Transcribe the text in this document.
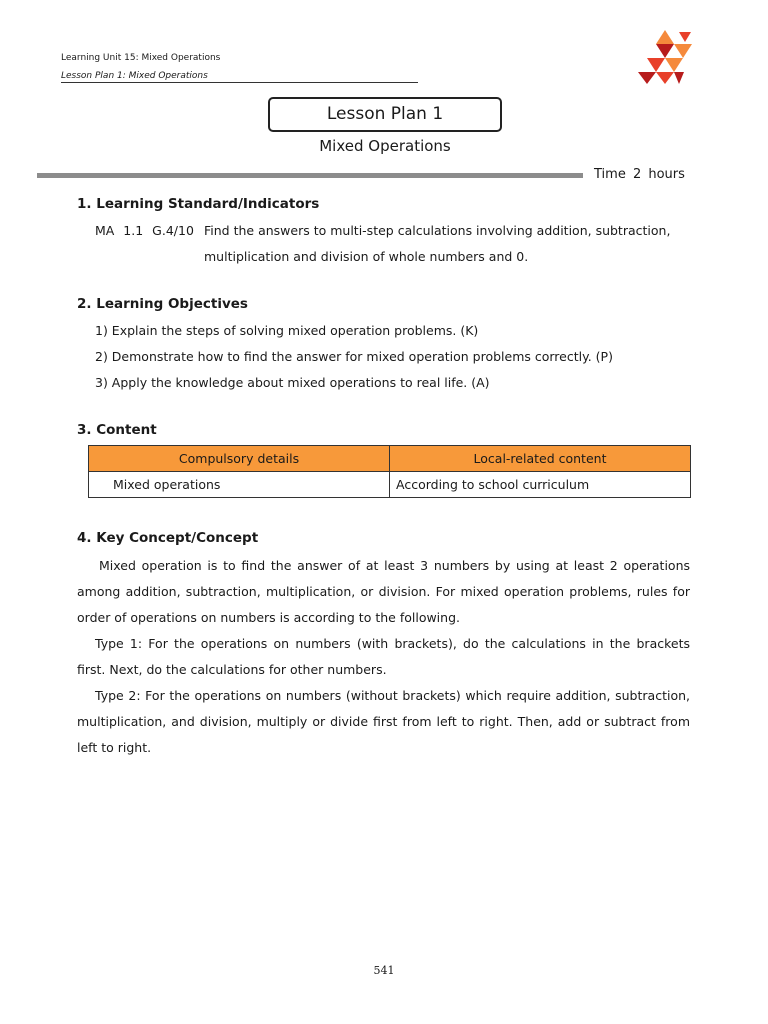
Learning Unit 15: Mixed Operations
Lesson Plan 1: Mixed Operations
Lesson Plan 1
Mixed Operations
Time 2 hours
1. Learning Standard/Indicators
MA 1.1 G.4/10 Find the answers to multi-step calculations involving addition, subtraction,
multiplication and division of whole numbers and 0.
2. Learning Objectives
1) Explain the steps of solving mixed operation problems. (K)
2) Demonstrate how to find the answer for mixed operation problems correctly. (P)
3) Apply the knowledge about mixed operations to real life. (A)
3. Content
Compulsory details	Local-related content
Mixed operations	According to school curriculum
4. Key Concept/Concept
Mixed operation is to find the answer of at least 3 numbers by using at least 2 operations among addition, subtraction, multiplication, or division. For mixed operation problems, rules for order of operations on numbers is according to the following.
Type 1: For the operations on numbers (with brackets), do the calculations in the brackets first. Next, do the calculations for other numbers.
Type 2: For the operations on numbers (without brackets) which require addition, subtraction, multiplication, and division, multiply or divide first from left to right. Then, add or subtract from left to right.
541
